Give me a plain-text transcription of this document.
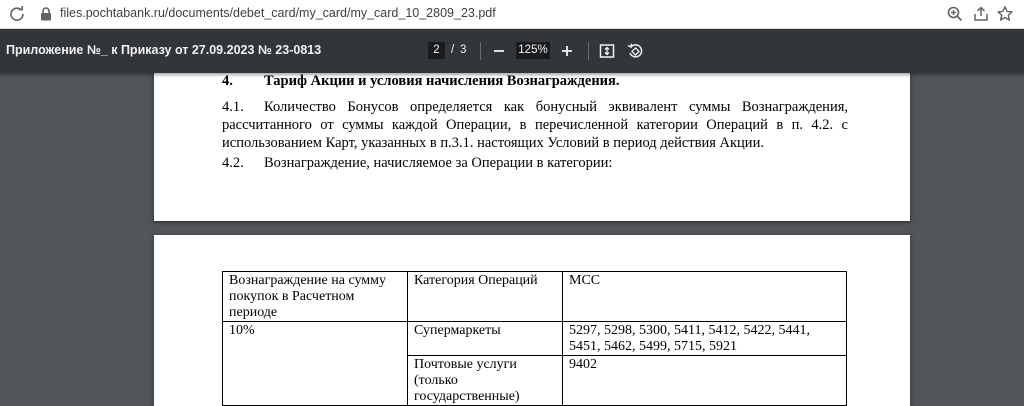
files.pochtabank.ru/documents/debet_card/my_card/my_card_10_2809_23.pdf
Приложение №_ к Приказу от 27.09.2023 № 23-0813	2 / 3	125%
4. Тариф Акции и условия начисления Вознаграждения.
4.1. Количество Бонусов определяется как бонусный эквивалент суммы Вознаграждения, рассчитанного от суммы каждой Операции, в перечисленной категории Операций в п. 4.2. с использованием Карт, указанных в п.3.1. настоящих Условий в период действия Акции.
4.2. Вознаграждение, начисляемое за Операции в категории:
Вознаграждение на сумму покупок в Расчетном периоде	Категория Операций	МСС
10%	Супермаркеты	5297, 5298, 5300, 5411, 5412, 5422, 5441, 5451, 5462, 5499, 5715, 5921
	Почтовые услуги (только государственные)	9402
